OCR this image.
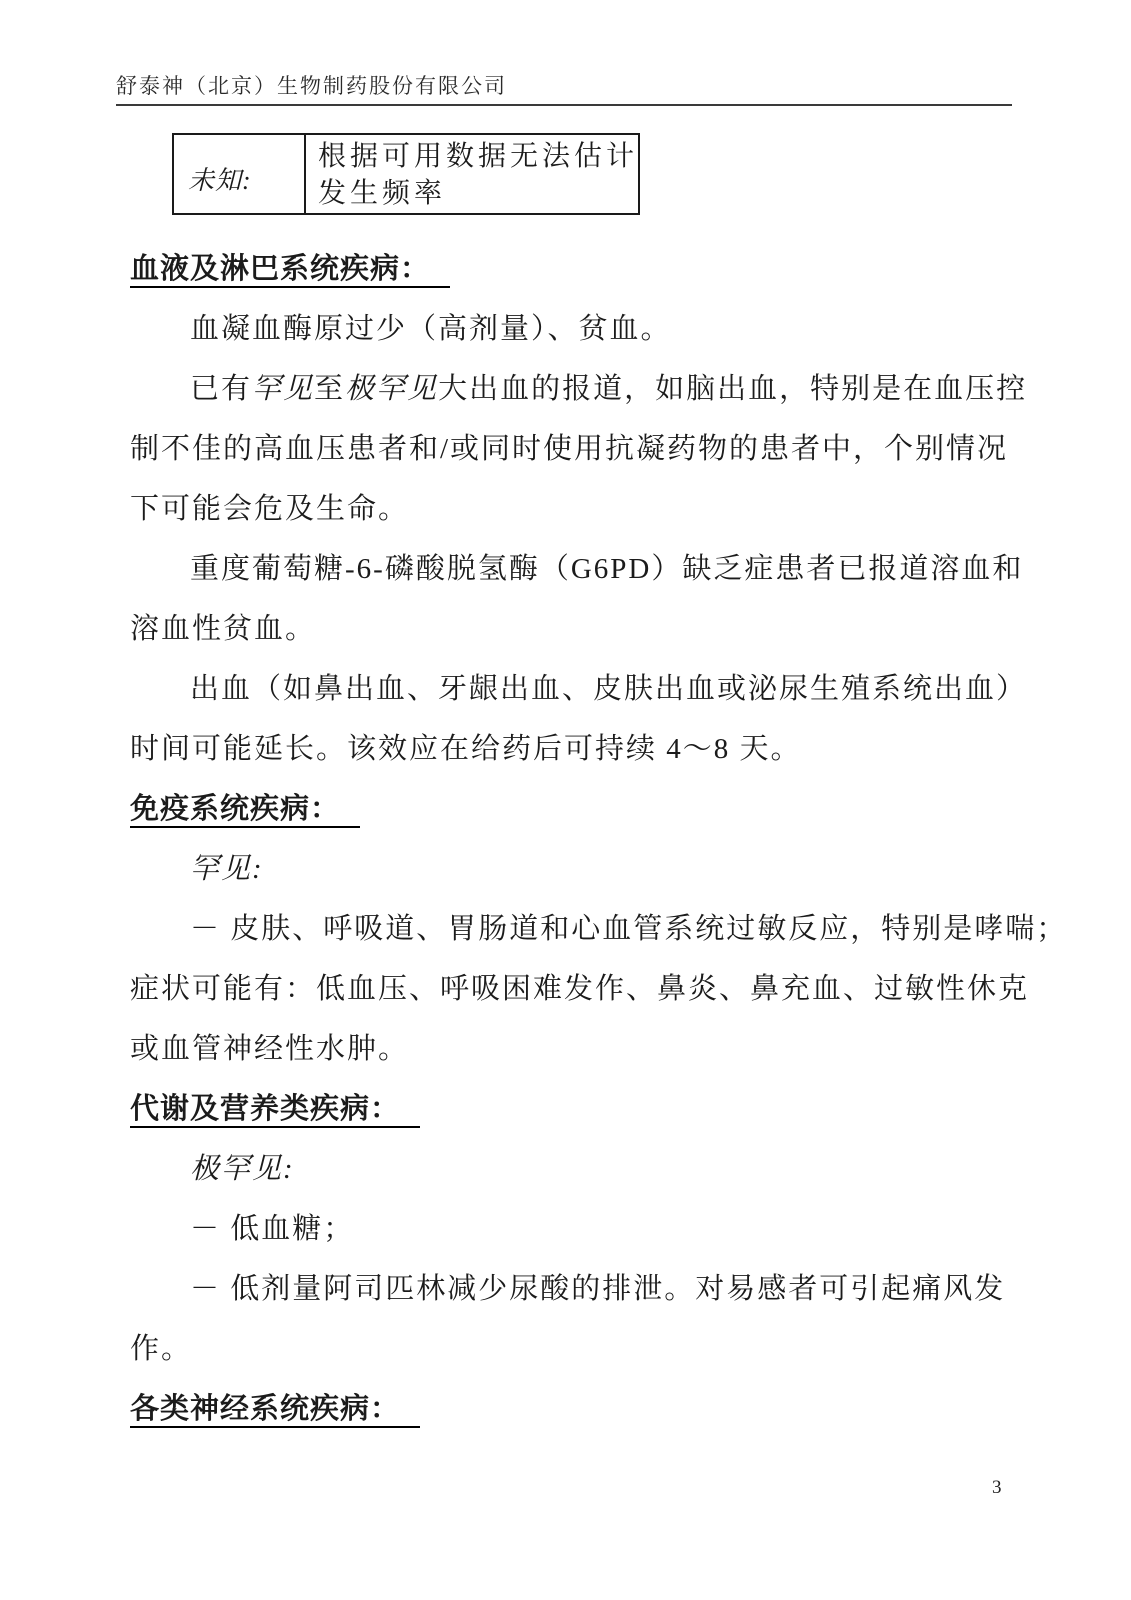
舒泰神（北京）生物制药股份有限公司
未知:
根据可用数据无法估计
发生频率
血液及淋巴系统疾病：
血凝血酶原过少（高剂量）、贫血。
已有罕见至极罕见大出血的报道，如脑出血，特别是在血压控
制不佳的高血压患者和/或同时使用抗凝药物的患者中，个别情况
下可能会危及生命。
重度葡萄糖-6-磷酸脱氢酶（G6PD）缺乏症患者已报道溶血和
溶血性贫血。
出血（如鼻出血、牙龈出血、皮肤出血或泌尿生殖系统出血）
时间可能延长。该效应在给药后可持续 4～8 天。
免疫系统疾病：
罕见:
－ 皮肤、呼吸道、胃肠道和心血管系统过敏反应，特别是哮喘；
症状可能有：低血压、呼吸困难发作、鼻炎、鼻充血、过敏性休克
或血管神经性水肿。
代谢及营养类疾病：
极罕见:
－ 低血糖；
－ 低剂量阿司匹林减少尿酸的排泄。对易感者可引起痛风发
作。
各类神经系统疾病：
3
